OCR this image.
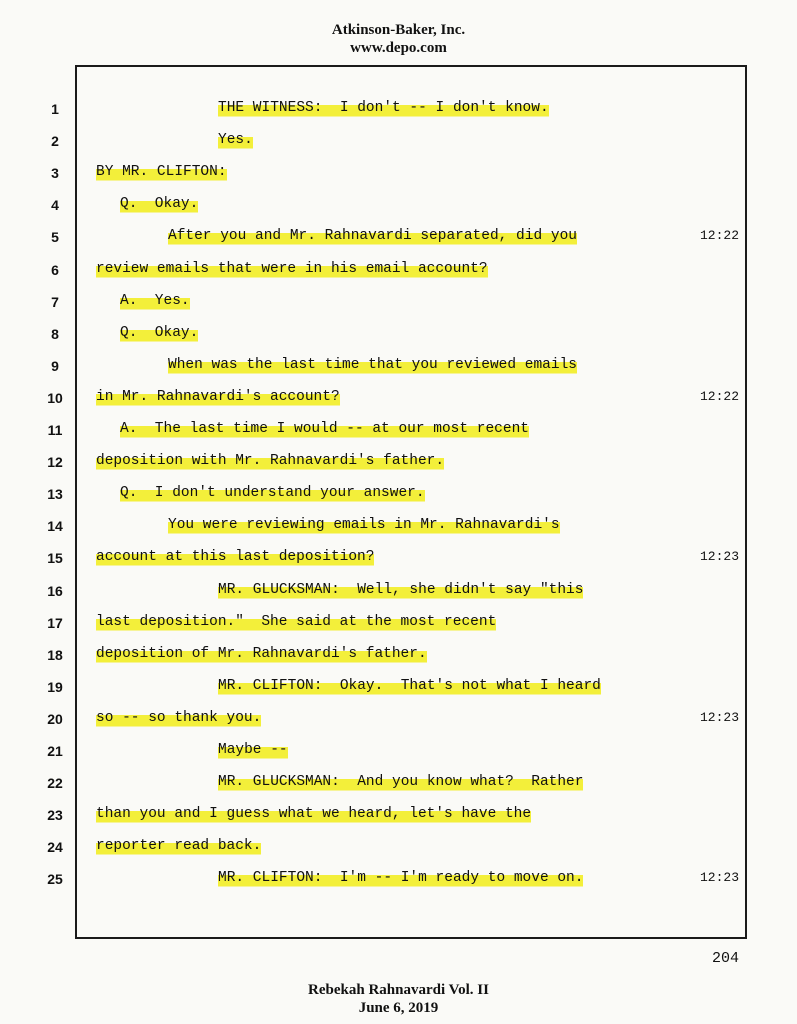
Atkinson-Baker, Inc.
www.depo.com
1	THE WITNESS:  I don't -- I don't know.
2	Yes.
3	BY MR. CLIFTON:
4	Q.  Okay.
5	After you and Mr. Rahnavardi separated, did you	12:22
6	review emails that were in his email account?
7	A.  Yes.
8	Q.  Okay.
9	When was the last time that you reviewed emails
10	in Mr. Rahnavardi's account?	12:22
11	A.  The last time I would -- at our most recent
12	deposition with Mr. Rahnavardi's father.
13	Q.  I don't understand your answer.
14	You were reviewing emails in Mr. Rahnavardi's
15	account at this last deposition?	12:23
16	MR. GLUCKSMAN:  Well, she didn't say "this
17	last deposition."  She said at the most recent
18	deposition of Mr. Rahnavardi's father.
19	MR. CLIFTON:  Okay.  That's not what I heard
20	so -- so thank you.	12:23
21	Maybe --
22	MR. GLUCKSMAN:  And you know what?  Rather
23	than you and I guess what we heard, let's have the
24	reporter read back.
25	MR. CLIFTON:  I'm -- I'm ready to move on.	12:23
204
Rebekah Rahnavardi Vol. II
June 6, 2019
